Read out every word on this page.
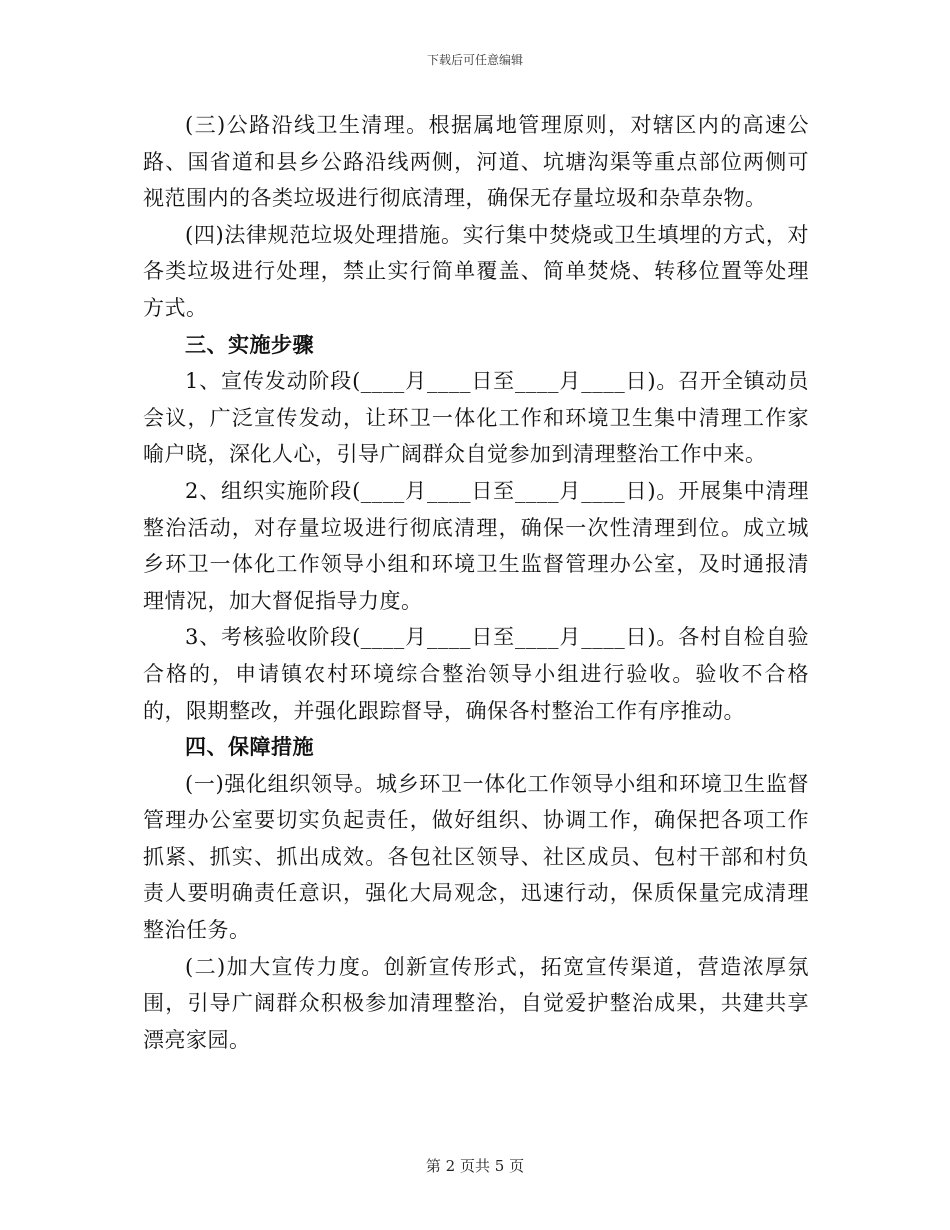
下载后可任意编辑

(三)公路沿线卫生清理。根据属地管理原则，对辖区内的高速公路、国省道和县乡公路沿线两侧，河道、坑塘沟渠等重点部位两侧可视范围内的各类垃圾进行彻底清理，确保无存量垃圾和杂草杂物。

(四)法律规范垃圾处理措施。实行集中焚烧或卫生填埋的方式，对各类垃圾进行处理，禁止实行简单覆盖、简单焚烧、转移位置等处理方式。

三、实施步骤

1、宣传发动阶段(____月____日至____月____日)。召开全镇动员会议，广泛宣传发动，让环卫一体化工作和环境卫生集中清理工作家喻户晓，深化人心，引导广阔群众自觉参加到清理整治工作中来。

2、组织实施阶段(____月____日至____月____日)。开展集中清理整治活动，对存量垃圾进行彻底清理，确保一次性清理到位。成立城乡环卫一体化工作领导小组和环境卫生监督管理办公室，及时通报清理情况，加大督促指导力度。

3、考核验收阶段(____月____日至____月____日)。各村自检自验合格的，申请镇农村环境综合整治领导小组进行验收。验收不合格的，限期整改，并强化跟踪督导，确保各村整治工作有序推动。

四、保障措施

(一)强化组织领导。城乡环卫一体化工作领导小组和环境卫生监督管理办公室要切实负起责任，做好组织、协调工作，确保把各项工作抓紧、抓实、抓出成效。各包社区领导、社区成员、包村干部和村负责人要明确责任意识，强化大局观念，迅速行动，保质保量完成清理整治任务。

(二)加大宣传力度。创新宣传形式，拓宽宣传渠道，营造浓厚氛围，引导广阔群众积极参加清理整治，自觉爱护整治成果，共建共享漂亮家园。

第 2 页共 5 页
